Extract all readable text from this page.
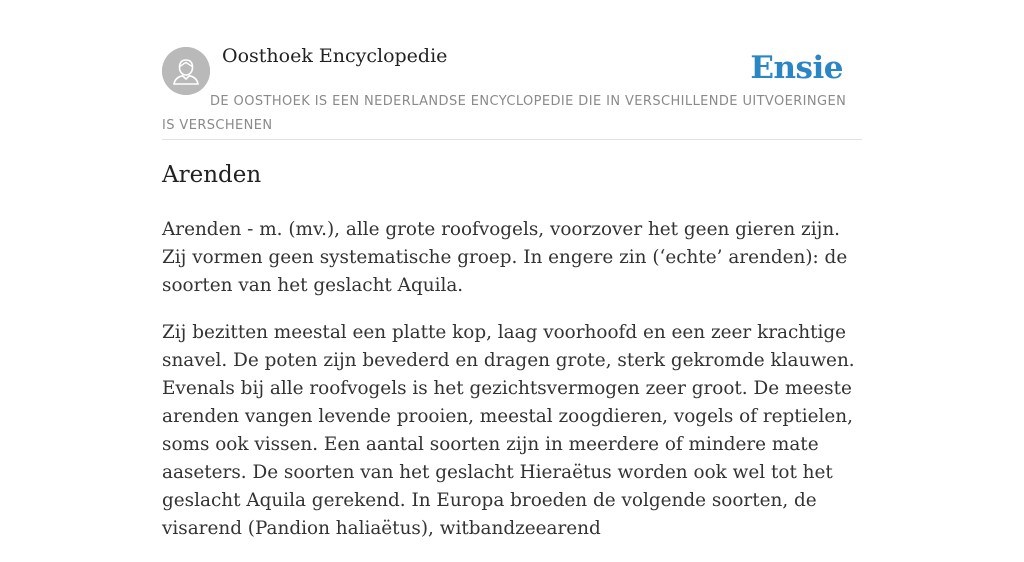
Oosthoek Encyclopedie	Ensie
DE OOSTHOEK IS EEN NEDERLANDSE ENCYCLOPEDIE DIE IN VERSCHILLENDE UITVOERINGEN IS VERSCHENEN
Arenden

Arenden - m. (mv.), alle grote roofvogels, voorzover het geen gieren zijn. Zij vormen geen systematische groep. In engere zin (‘echte’ arenden): de soorten van het geslacht Aquila.

Zij bezitten meestal een platte kop, laag voorhoofd en een zeer krachtige snavel. De poten zijn bevederd en dragen grote, sterk gekromde klauwen. Evenals bij alle roofvogels is het gezichtsvermogen zeer groot. De meeste arenden vangen levende prooien, meestal zoogdieren, vogels of reptielen, soms ook vissen. Een aantal soorten zijn in meerdere of mindere mate aaseters. De soorten van het geslacht Hieraëtus worden ook wel tot het geslacht Aquila gerekend. In Europa broeden de volgende soorten, de visarend (Pandion haliaëtus), witbandzeearend
